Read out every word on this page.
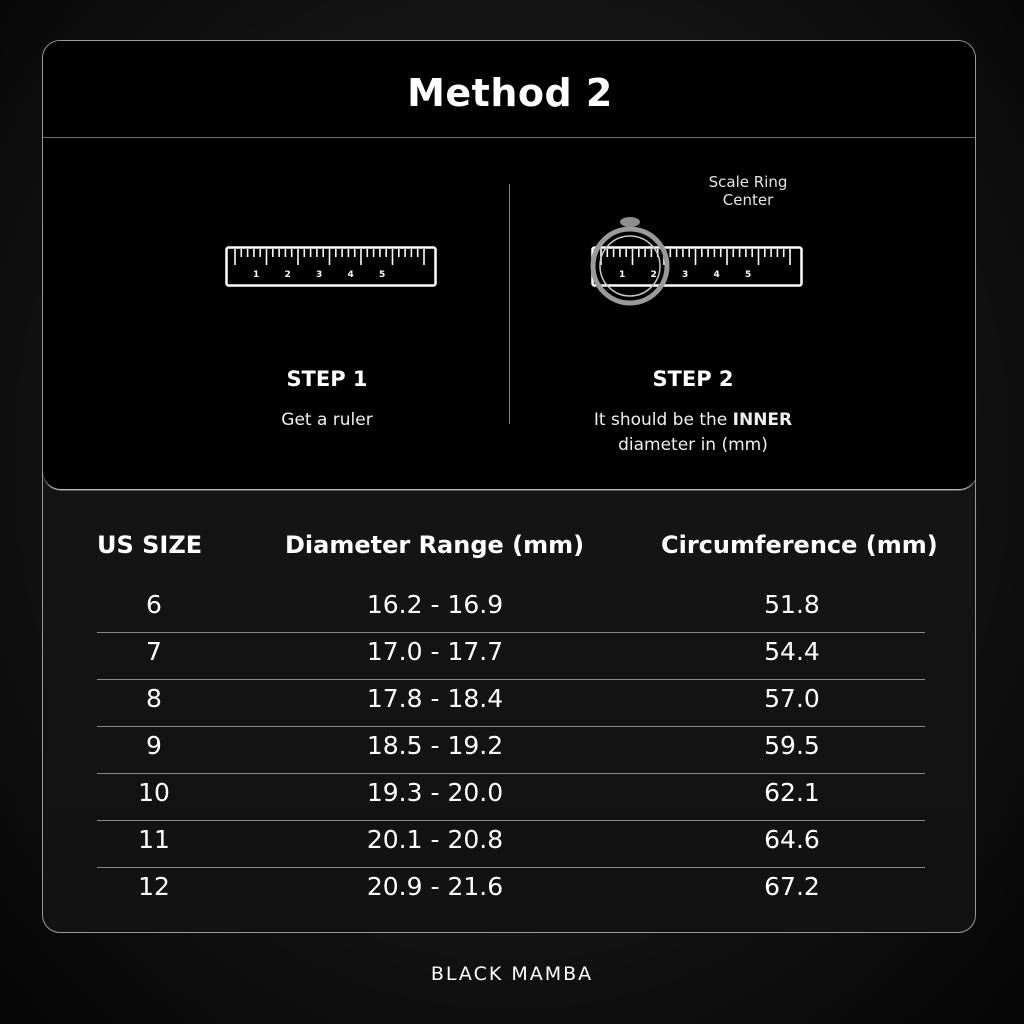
Method 2
1	2	3	4	5
STEP 1
Get a ruler
Scale Ring
Center
1	2	3	4	5
STEP 2
It should be the INNER
diameter in (mm)
US SIZE	Diameter Range (mm)	Circumference (mm)
6	16.2 - 16.9	51.8
7	17.0 - 17.7	54.4
8	17.8 - 18.4	57.0
9	18.5 - 19.2	59.5
10	19.3 - 20.0	62.1
11	20.1 - 20.8	64.6
12	20.9 - 21.6	67.2
BLACK MAMBA
